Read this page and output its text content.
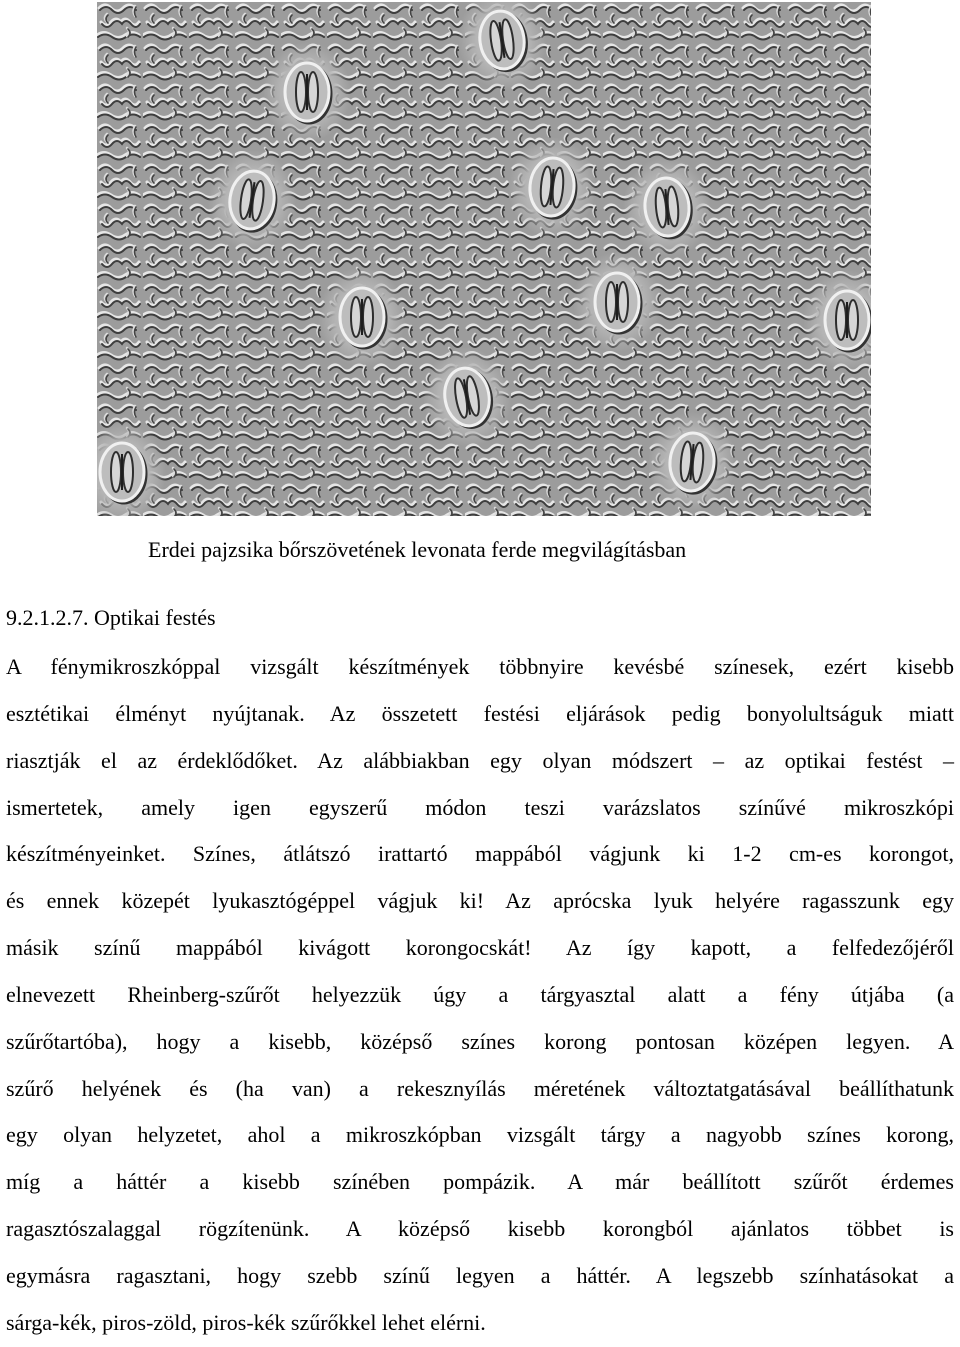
Erdei pajzsika bőrszövetének levonata ferde megvilágításban
9.2.1.2.7. Optikai festés
A fénymikroszkóppal vizsgált készítmények többnyire kevésbé színesek, ezért kisebb
esztétikai élményt nyújtanak. Az összetett festési eljárások pedig bonyolultságuk miatt
riasztják el az érdeklődőket. Az alábbiakban egy olyan módszert – az optikai festést –
ismertetek, amely igen egyszerű módon teszi varázslatos színűvé mikroszkópi
készítményeinket. Színes, átlátszó irattartó mappából vágjunk ki 1-2 cm-es korongot,
és ennek közepét lyukasztógéppel vágjuk ki! Az aprócska lyuk helyére ragasszunk egy
másik színű mappából kivágott korongocskát! Az így kapott, a felfedezőjéről
elnevezett Rheinberg-szűrőt helyezzük úgy a tárgyasztal alatt a fény útjába (a
szűrőtartóba), hogy a kisebb, középső színes korong pontosan középen legyen. A
szűrő helyének és (ha van) a rekesznyílás méretének változtatgatásával beállíthatunk
egy olyan helyzetet, ahol a mikroszkópban vizsgált tárgy a nagyobb színes korong,
míg a háttér a kisebb színében pompázik. A már beállított szűrőt érdemes
ragasztószalaggal rögzítenünk. A középső kisebb korongból ajánlatos többet is
egymásra ragasztani, hogy szebb színű legyen a háttér. A legszebb színhatásokat a
sárga-kék, piros-zöld, piros-kék szűrőkkel lehet elérni.
